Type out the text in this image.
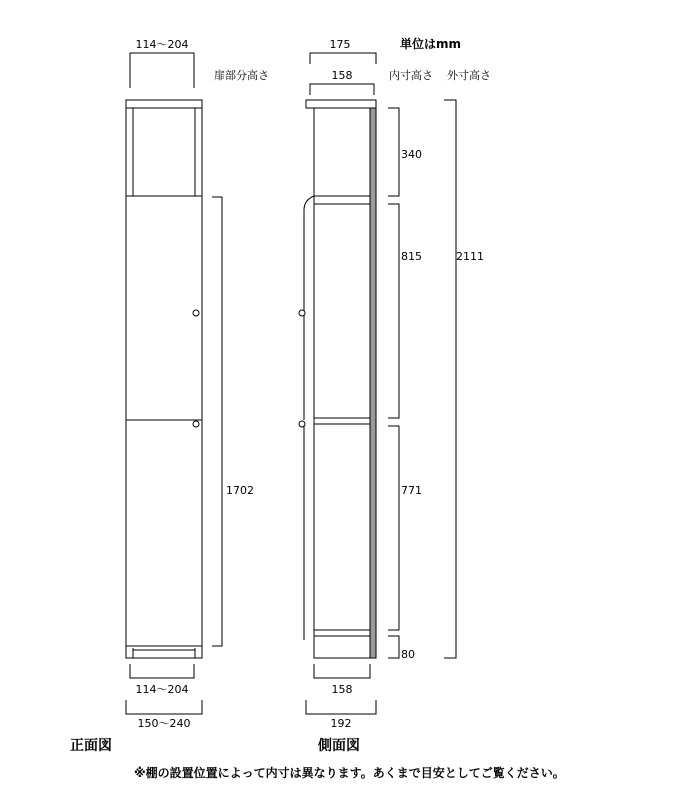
114～204
1702
114～204
150～240
正面図
175
158
340
815
771
80
2111
158
192
側面図
単位はmm
扉部分高さ	内寸高さ 外寸高さ
※棚の設置位置によって内寸は異なります。あくまで目安としてご覧ください。
